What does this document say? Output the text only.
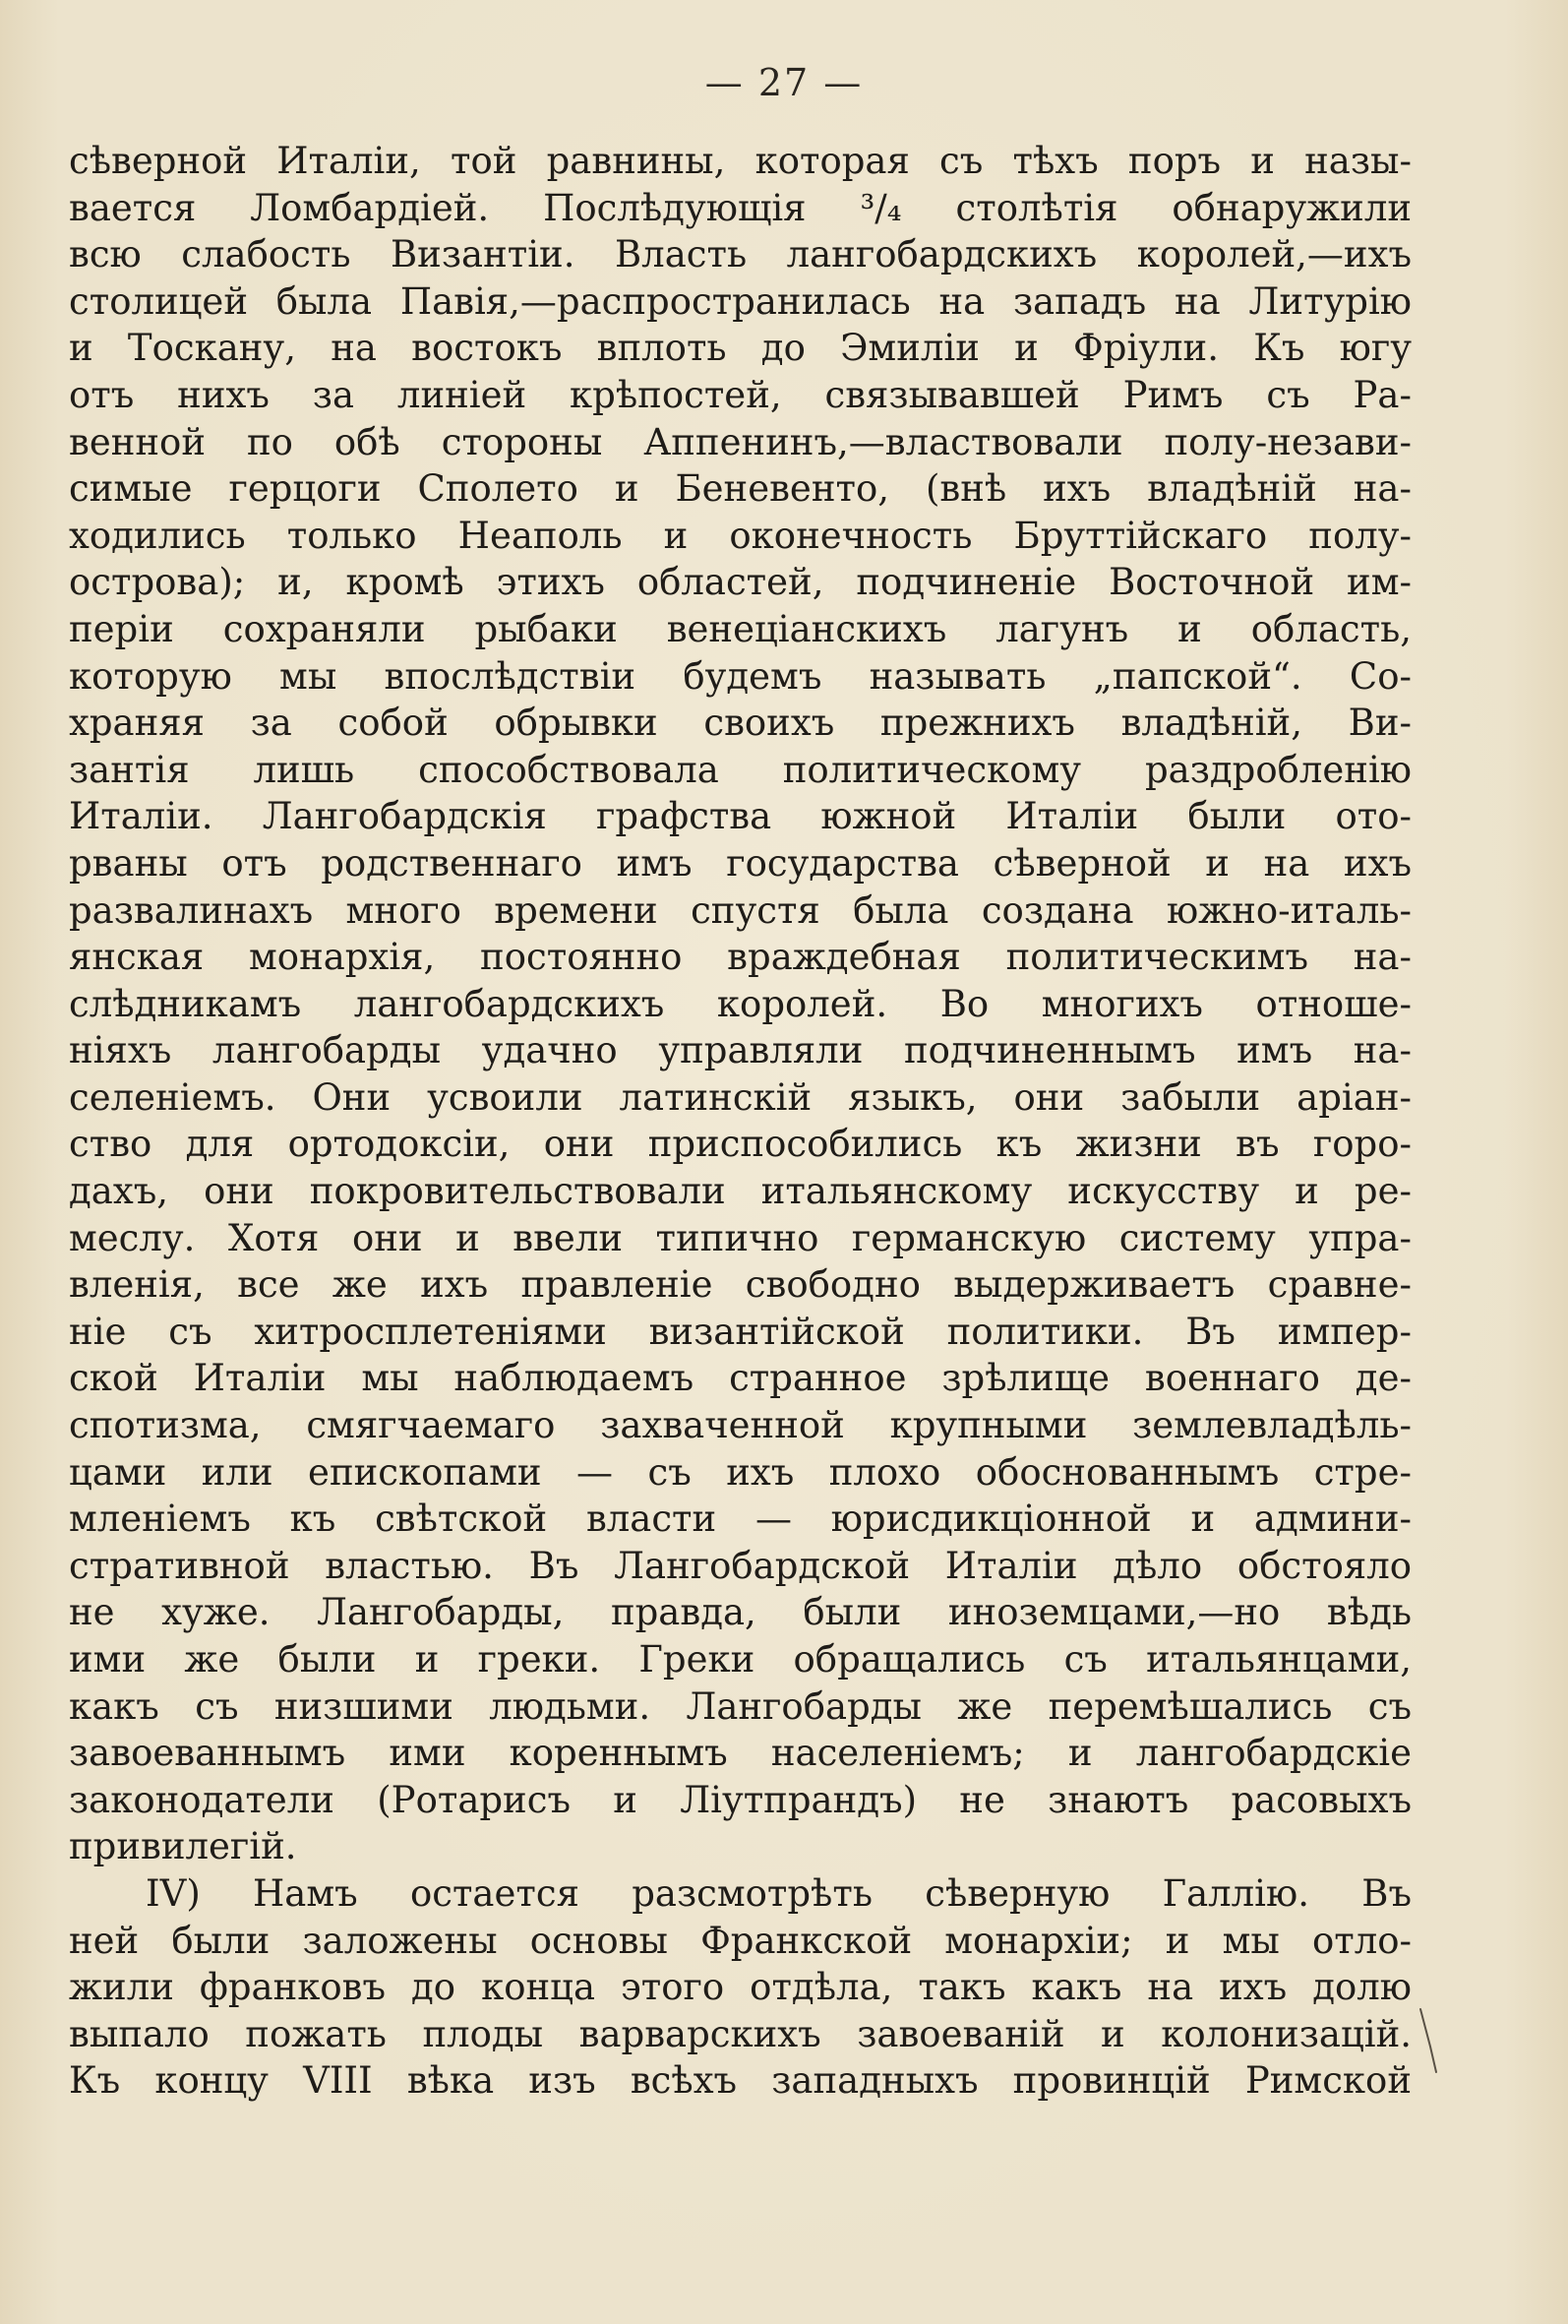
— 27 —
сѣверной Италіи, той равнины, которая съ тѣхъ поръ и назы-
вается Ломбардіей. Послѣдующія ³/₄ столѣтія обнаружили
всю слабость Византіи. Власть лангобардскихъ королей,—ихъ
столицей была Павія,—распространилась на западъ на Литурію
и Тоскану, на востокъ вплоть до Эмиліи и Фріули. Къ югу
отъ нихъ за линіей крѣпостей, связывавшей Римъ съ Ра-
венной по обѣ стороны Аппенинъ,—властвовали полу-незави-
симые герцоги Сполето и Беневенто, (внѣ ихъ владѣній на-
ходились только Неаполь и оконечность Бруттійскаго полу-
острова); и, кромѣ этихъ областей, подчиненіе Восточной им-
періи сохраняли рыбаки венеціанскихъ лагунъ и область,
которую мы впослѣдствіи будемъ называть „папской“. Со-
храняя за собой обрывки своихъ прежнихъ владѣній, Ви-
зантія лишь способствовала политическому раздробленію
Италіи. Лангобардскія графства южной Италіи были ото-
рваны отъ родственнаго имъ государства сѣверной и на ихъ
развалинахъ много времени спустя была создана южно-италь-
янская монархія, постоянно враждебная политическимъ на-
слѣдникамъ лангобардскихъ королей. Во многихъ отноше-
ніяхъ лангобарды удачно управляли подчиненнымъ имъ на-
селеніемъ. Они усвоили латинскій языкъ, они забыли аріан-
ство для ортодоксіи, они приспособились къ жизни въ горо-
дахъ, они покровительствовали итальянскому искусству и ре-
меслу. Хотя они и ввели типично германскую систему упра-
вленія, все же ихъ правленіе свободно выдерживаетъ сравне-
ніе съ хитросплетеніями византійской политики. Въ импер-
ской Италіи мы наблюдаемъ странное зрѣлище военнаго де-
спотизма, смягчаемаго захваченной крупными землевладѣль-
цами или епископами — съ ихъ плохо обоснованнымъ стре-
мленіемъ къ свѣтской власти — юрисдикціонной и админи-
стративной властью. Въ Лангобардской Италіи дѣло обстояло
не хуже. Лангобарды, правда, были иноземцами,—но вѣдь
ими же были и греки. Греки обращались съ итальянцами,
какъ съ низшими людьми. Лангобарды же перемѣшались съ
завоеваннымъ ими кореннымъ населеніемъ; и лангобардскіе
законодатели (Ротарисъ и Ліутпрандъ) не знаютъ расовыхъ
привилегій.
IV) Намъ остается разсмотрѣть сѣверную Галлію. Въ
ней были заложены основы Франкской монархіи; и мы отло-
жили франковъ до конца этого отдѣла, такъ какъ на ихъ долю
выпало пожать плоды варварскихъ завоеваній и колонизацій.
Къ концу VIII вѣка изъ всѣхъ западныхъ провинцій Римской
